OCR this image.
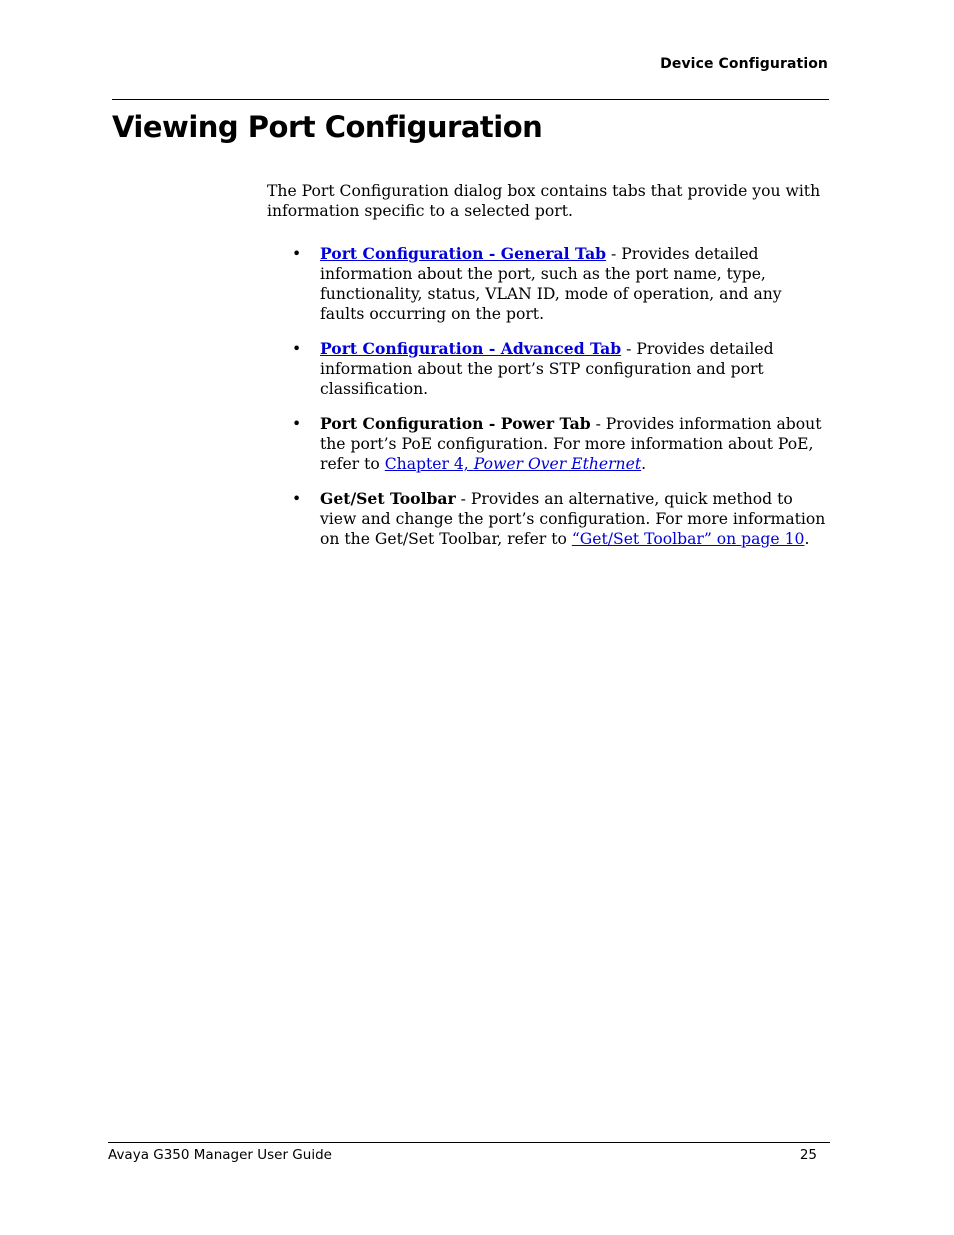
Device Configuration
Viewing Port Configuration

The Port Configuration dialog box contains tabs that provide you with information specific to a selected port.

• Port Configuration - General Tab - Provides detailed information about the port, such as the port name, type, functionality, status, VLAN ID, mode of operation, and any faults occurring on the port.
• Port Configuration - Advanced Tab - Provides detailed information about the port’s STP configuration and port classification.
• Port Configuration - Power Tab - Provides information about the port’s PoE configuration. For more information about PoE, refer to Chapter 4, Power Over Ethernet.
• Get/Set Toolbar - Provides an alternative, quick method to view and change the port’s configuration. For more information on the Get/Set Toolbar, refer to “Get/Set Toolbar” on page 10.
Avaya G350 Manager User Guide	25
